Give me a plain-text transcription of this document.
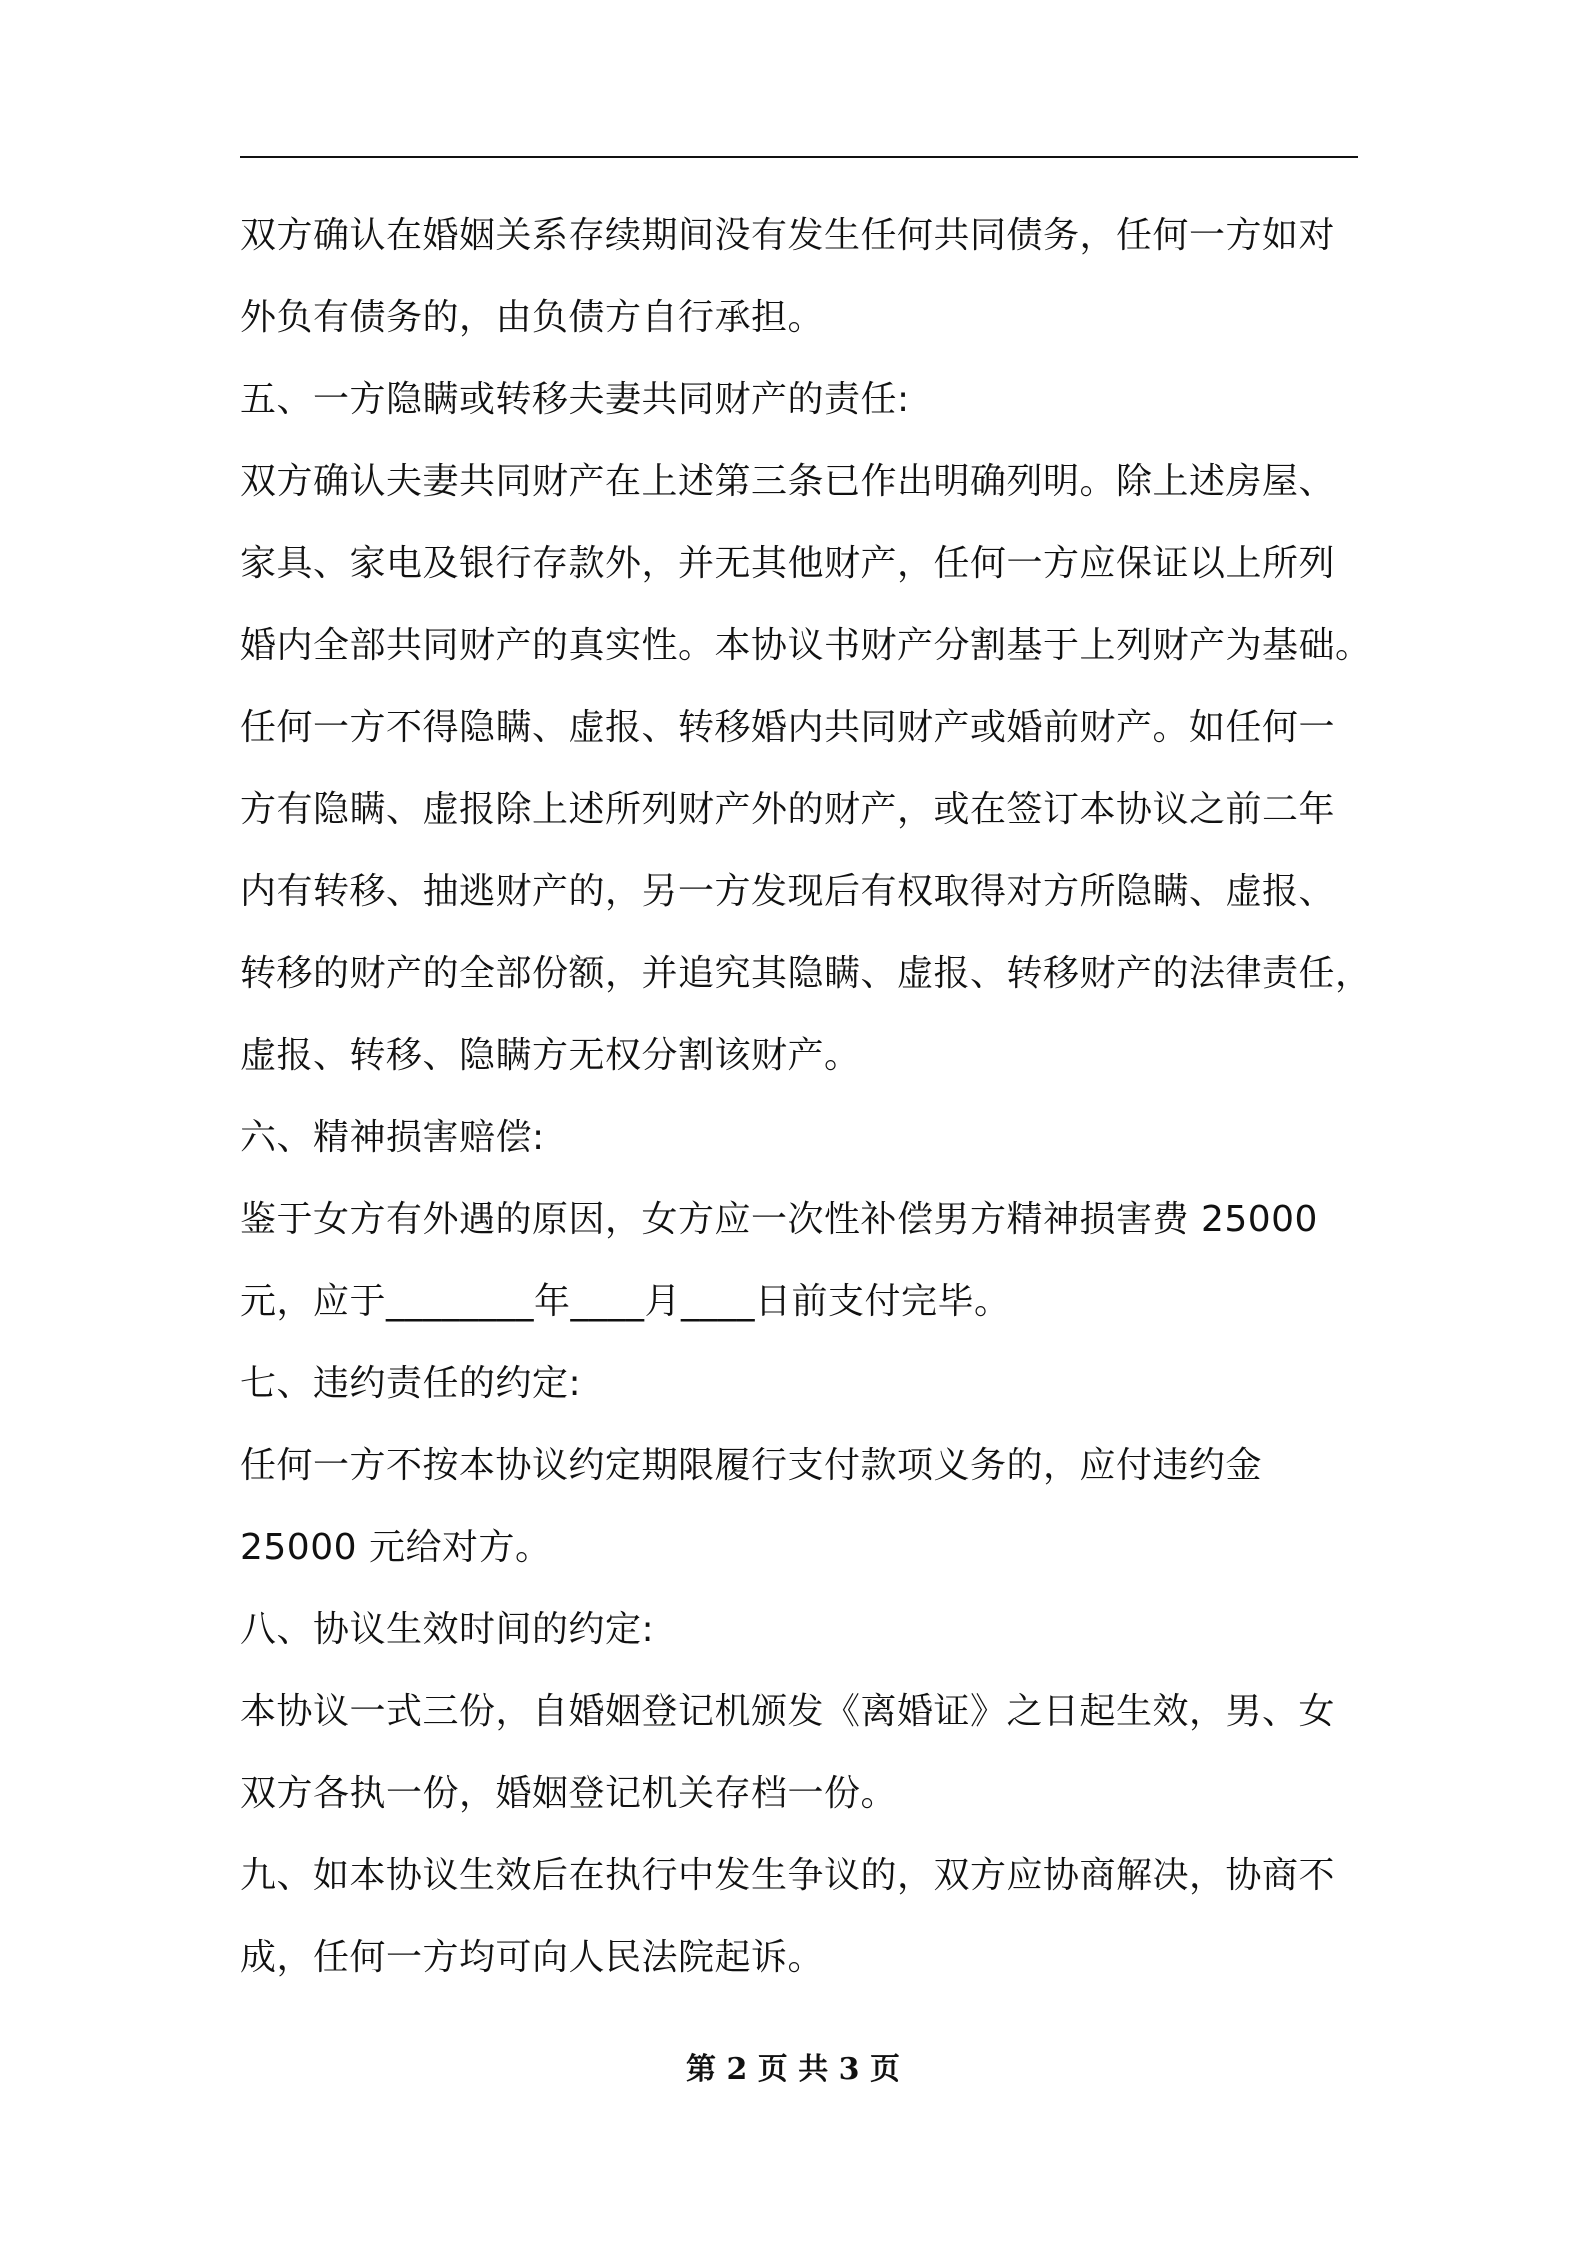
双方确认在婚姻关系存续期间没有发生任何共同债务，任何一方如对
外负有债务的，由负债方自行承担。
五、一方隐瞒或转移夫妻共同财产的责任:
双方确认夫妻共同财产在上述第三条已作出明确列明。除上述房屋、
家具、家电及银行存款外，并无其他财产，任何一方应保证以上所列
婚内全部共同财产的真实性。本协议书财产分割基于上列财产为基础。
任何一方不得隐瞒、虚报、转移婚内共同财产或婚前财产。如任何一
方有隐瞒、虚报除上述所列财产外的财产，或在签订本协议之前二年
内有转移、抽逃财产的，另一方发现后有权取得对方所隐瞒、虚报、
转移的财产的全部份额，并追究其隐瞒、虚报、转移财产的法律责任，
虚报、转移、隐瞒方无权分割该财产。
六、精神损害赔偿:
鉴于女方有外遇的原因，女方应一次性补偿男方精神损害费 25000
元，应于________年____月____日前支付完毕。
七、违约责任的约定:
任何一方不按本协议约定期限履行支付款项义务的，应付违约金
25000 元给对方。
八、协议生效时间的约定:
本协议一式三份，自婚姻登记机颁发《离婚证》之日起生效，男、女
双方各执一份，婚姻登记机关存档一份。
九、如本协议生效后在执行中发生争议的，双方应协商解决，协商不
成，任何一方均可向人民法院起诉。
第 2 页 共 3 页
